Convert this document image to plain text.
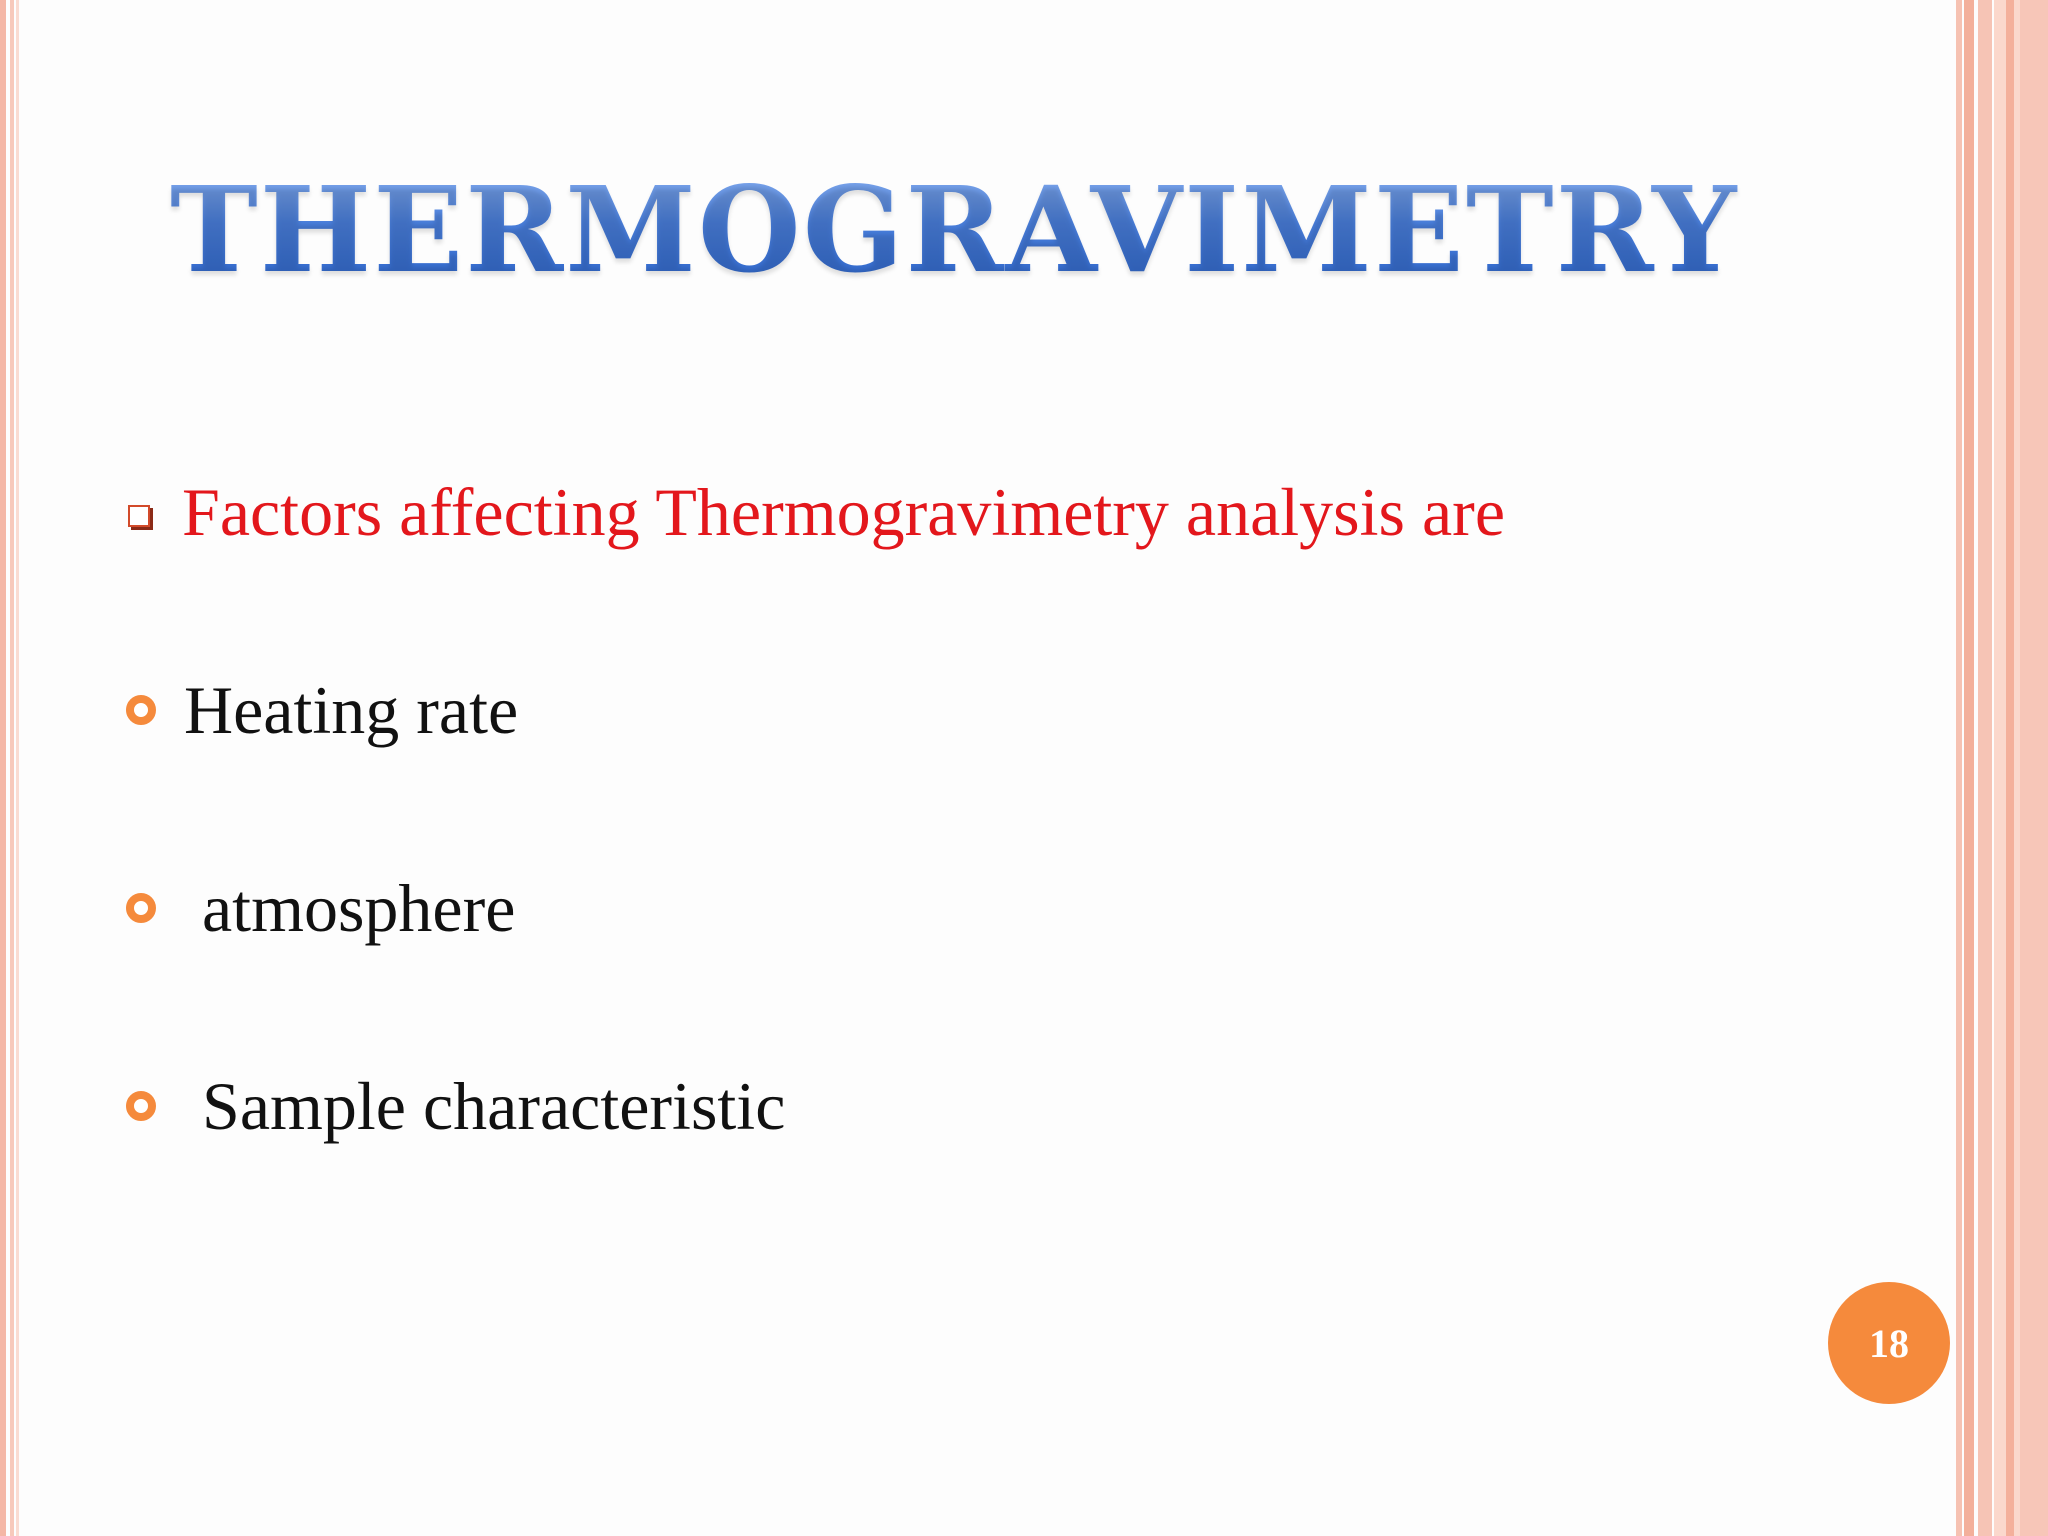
THERMOGRAVIMETRY
Factors affecting Thermogravimetry analysis are
Heating rate
atmosphere
Sample characteristic
18
